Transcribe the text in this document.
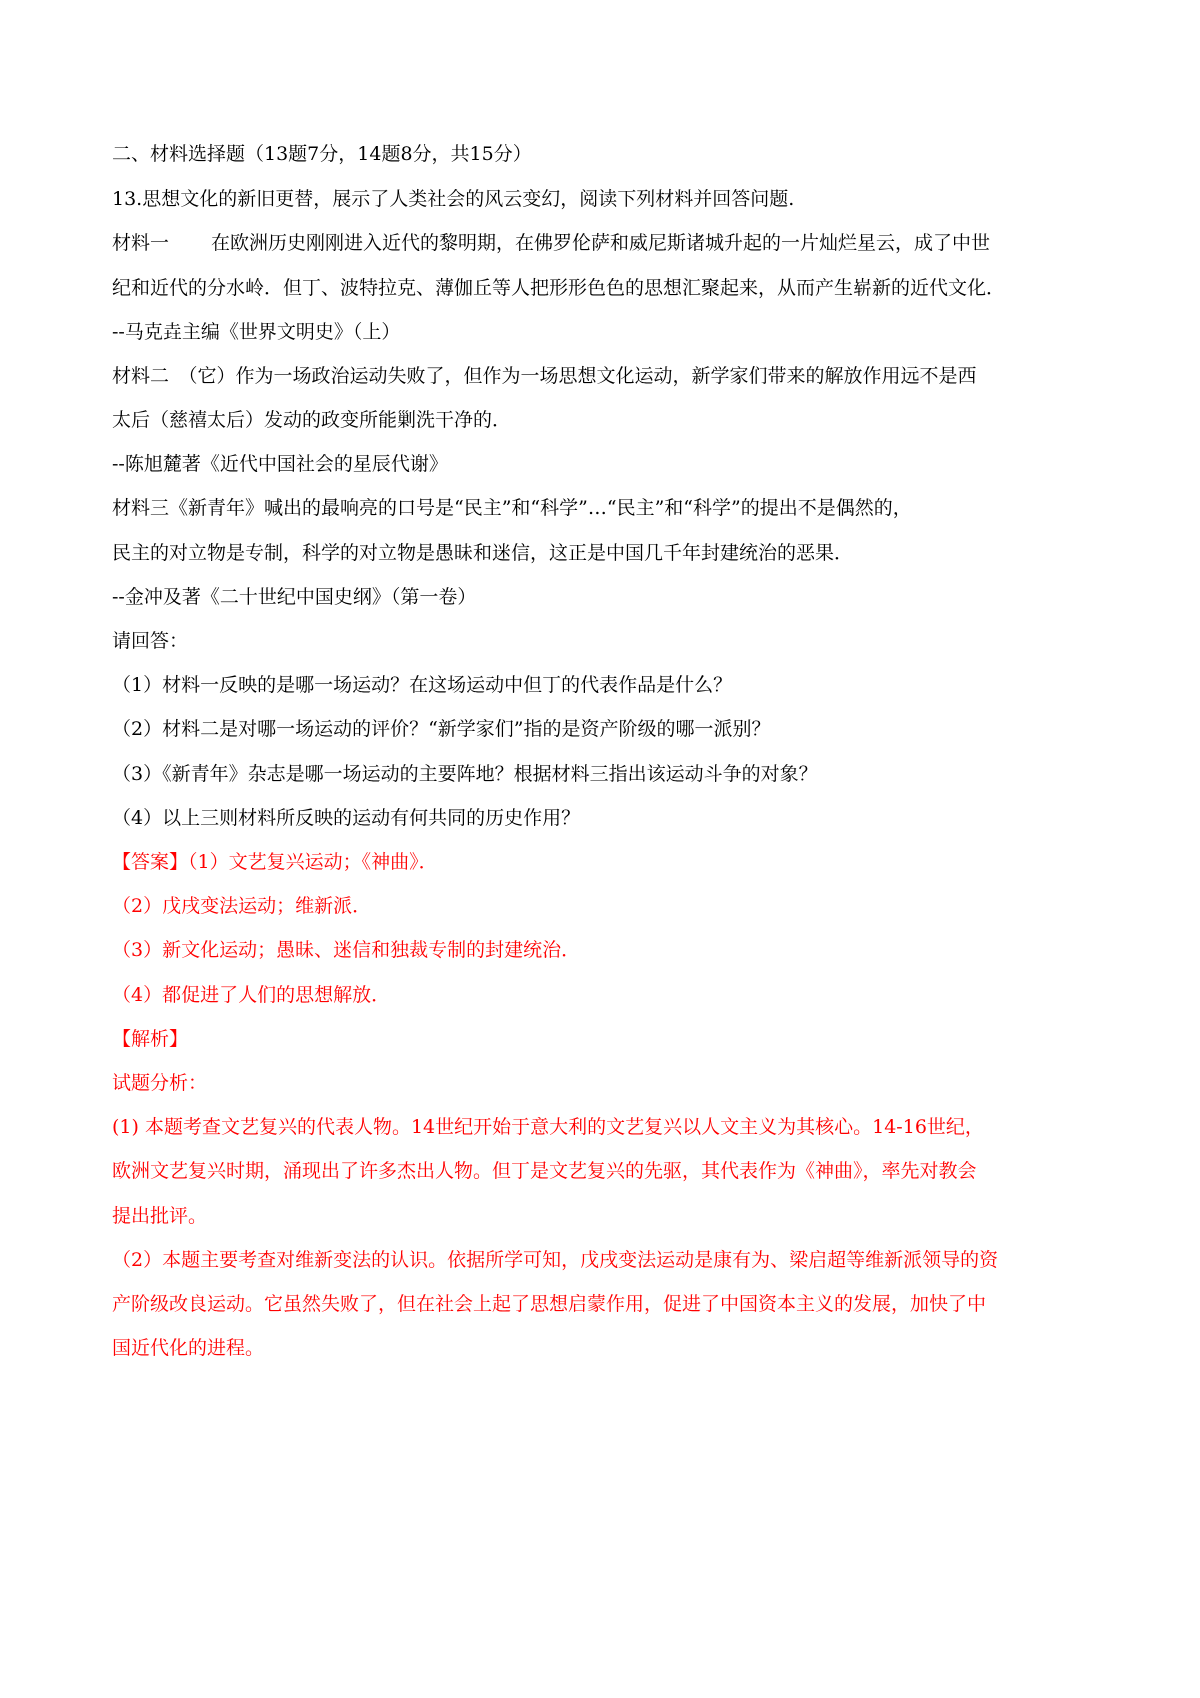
二、材料选择题（13题7分，14题8分，共15分）
13.思想文化的新旧更替，展示了人类社会的风云变幻，阅读下列材料并回答问题.
材料一 在欧洲历史刚刚进入近代的黎明期，在佛罗伦萨和威尼斯诸城升起的一片灿烂星云，成了中世
纪和近代的分水岭．但丁、波特拉克、薄伽丘等人把形形色色的思想汇聚起来，从而产生崭新的近代文化．
--马克垚主编《世界文明史》（上）
材料二　（它）作为一场政治运动失败了，但作为一场思想文化运动，新学家们带来的解放作用远不是西
太后（慈禧太后）发动的政变所能剿洗干净的．
--陈旭麓著《近代中国社会的星辰代谢》
材料三《新青年》喊出的最响亮的口号是“民主”和“科学”…“民主”和“科学”的提出不是偶然的，
民主的对立物是专制，科学的对立物是愚昧和迷信，这正是中国几千年封建统治的恶果．
--金冲及著《二十世纪中国史纲》（第一卷）
请回答：
（1）材料一反映的是哪一场运动？在这场运动中但丁的代表作品是什么？
（2）材料二是对哪一场运动的评价？“新学家们”指的是资产阶级的哪一派别？
（3）《新青年》杂志是哪一场运动的主要阵地？根据材料三指出该运动斗争的对象？
（4）以上三则材料所反映的运动有何共同的历史作用？
【答案】（1）文艺复兴运动；《神曲》．
（2）戊戌变法运动；维新派．
（3）新文化运动；愚昧、迷信和独裁专制的封建统治．
（4）都促进了人们的思想解放．
【解析】
试题分析：
(1) 本题考查文艺复兴的代表人物。14世纪开始于意大利的文艺复兴以人文主义为其核心。14-16世纪，
欧洲文艺复兴时期，涌现出了许多杰出人物。但丁是文艺复兴的先驱，其代表作为《神曲》，率先对教会
提出批评。
（2）本题主要考查对维新变法的认识。依据所学可知，戊戌变法运动是康有为、梁启超等维新派领导的资
产阶级改良运动。它虽然失败了，但在社会上起了思想启蒙作用，促进了中国资本主义的发展，加快了中
国近代化的进程。
